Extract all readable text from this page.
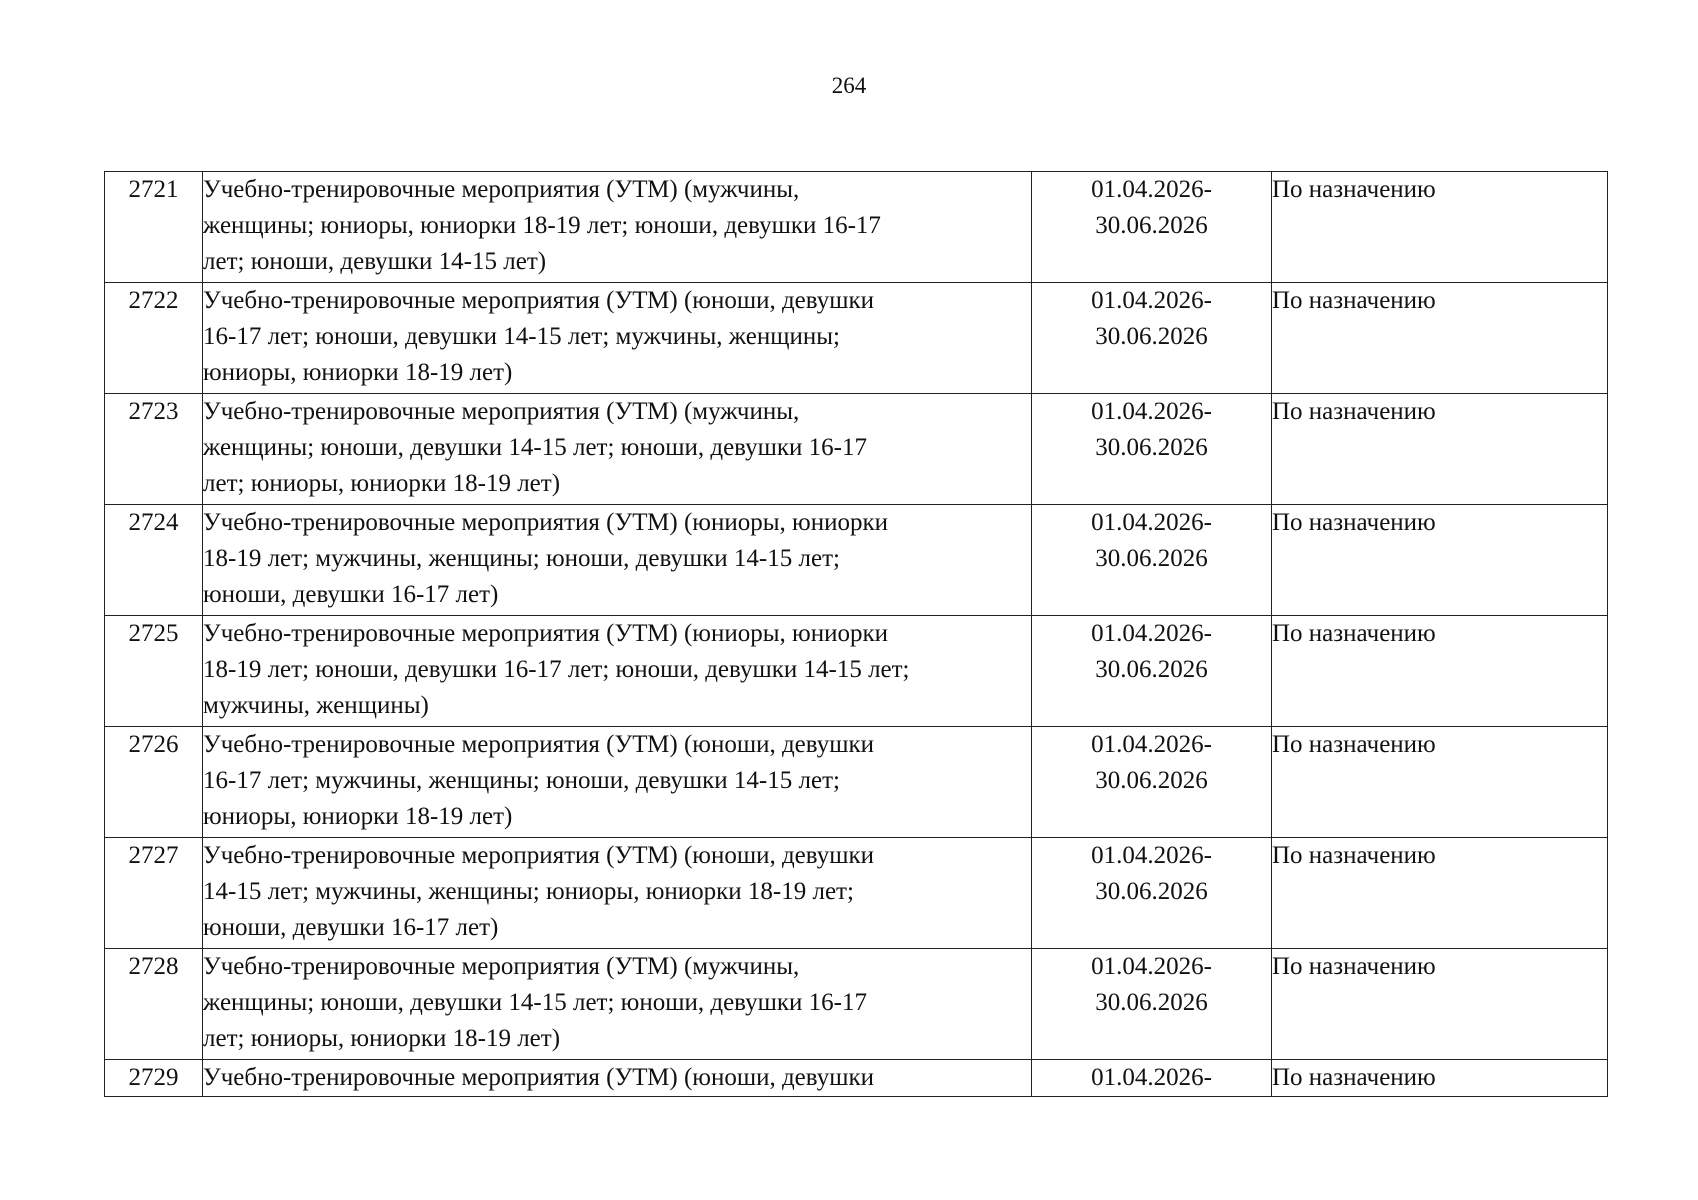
264
2721	Учебно-тренировочные мероприятия (УТМ) (мужчины,
женщины; юниоры, юниорки 18-19 лет; юноши, девушки 16-17
лет; юноши, девушки 14-15 лет)	01.04.2026-
30.06.2026	По назначению
2722	Учебно-тренировочные мероприятия (УТМ) (юноши, девушки
16-17 лет; юноши, девушки 14-15 лет; мужчины, женщины;
юниоры, юниорки 18-19 лет)	01.04.2026-
30.06.2026	По назначению
2723	Учебно-тренировочные мероприятия (УТМ) (мужчины,
женщины; юноши, девушки 14-15 лет; юноши, девушки 16-17
лет; юниоры, юниорки 18-19 лет)	01.04.2026-
30.06.2026	По назначению
2724	Учебно-тренировочные мероприятия (УТМ) (юниоры, юниорки
18-19 лет; мужчины, женщины; юноши, девушки 14-15 лет;
юноши, девушки 16-17 лет)	01.04.2026-
30.06.2026	По назначению
2725	Учебно-тренировочные мероприятия (УТМ) (юниоры, юниорки
18-19 лет; юноши, девушки 16-17 лет; юноши, девушки 14-15 лет;
мужчины, женщины)	01.04.2026-
30.06.2026	По назначению
2726	Учебно-тренировочные мероприятия (УТМ) (юноши, девушки
16-17 лет; мужчины, женщины; юноши, девушки 14-15 лет;
юниоры, юниорки 18-19 лет)	01.04.2026-
30.06.2026	По назначению
2727	Учебно-тренировочные мероприятия (УТМ) (юноши, девушки
14-15 лет; мужчины, женщины; юниоры, юниорки 18-19 лет;
юноши, девушки 16-17 лет)	01.04.2026-
30.06.2026	По назначению
2728	Учебно-тренировочные мероприятия (УТМ) (мужчины,
женщины; юноши, девушки 14-15 лет; юноши, девушки 16-17
лет; юниоры, юниорки 18-19 лет)	01.04.2026-
30.06.2026	По назначению
2729	Учебно-тренировочные мероприятия (УТМ) (юноши, девушки	01.04.2026-	По назначению
